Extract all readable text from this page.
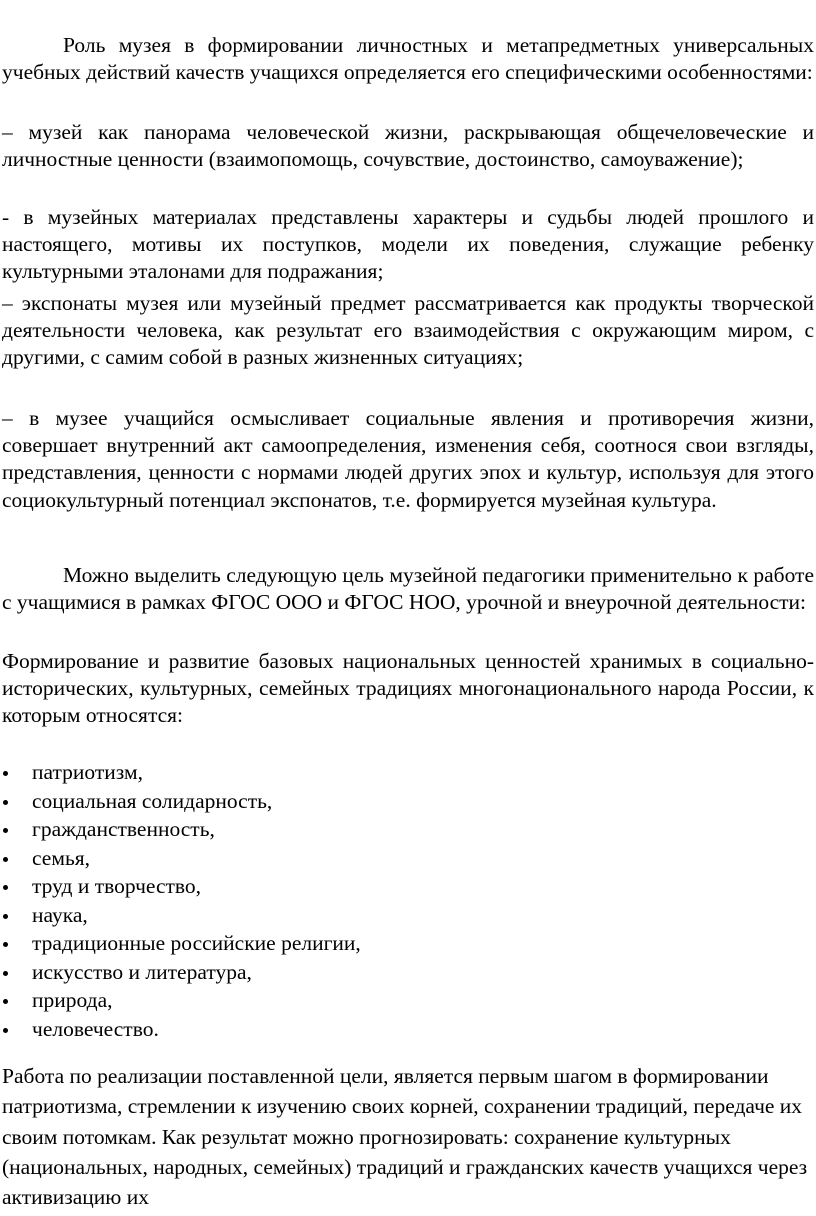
Роль музея в формировании личностных и метапредметных универсальных учебных действий качеств учащихся определяется его специфическими особенностями:

– музей как панорама человеческой жизни, раскрывающая общечеловеческие и личностные ценности (взаимопомощь, сочувствие, достоинство, самоуважение);

- в музейных материалах представлены характеры и судьбы людей прошлого и настоящего, мотивы их поступков, модели их поведения, служащие ребенку культурными эталонами для подражания;

– экспонаты музея или музейный предмет рассматривается как продукты творческой деятельности человека, как результат его взаимодействия с окружающим миром, с другими, с самим собой в разных жизненных ситуациях;

– в музее учащийся осмысливает социальные явления и противоречия жизни, совершает внутренний акт самоопределения, изменения себя, соотнося свои взгляды, представления, ценности с нормами людей других эпох и культур, используя для этого социокультурный потенциал экспонатов, т.е. формируется музейная культура.

Можно выделить следующую цель музейной педагогики применительно к работе с учащимися в рамках ФГОС ООО и ФГОС НОО, урочной и внеурочной деятельности:

Формирование и развитие базовых национальных ценностей хранимых в социально-исторических, культурных, семейных традициях многонационального народа России, к которым относятся:

патриотизм,
социальная солидарность,
гражданственность,
семья,
труд и творчество,
наука,
традиционные российские религии,
искусство и литература,
природа,
человечество.

Работа по реализации поставленной цели, является первым шагом в формировании патриотизма, стремлении к изучению своих корней, сохранении традиций, передаче их своим потомкам. Как результат можно прогнозировать: сохранение культурных (национальных, народных, семейных) традиций и гражданских качеств учащихся через активизацию их
